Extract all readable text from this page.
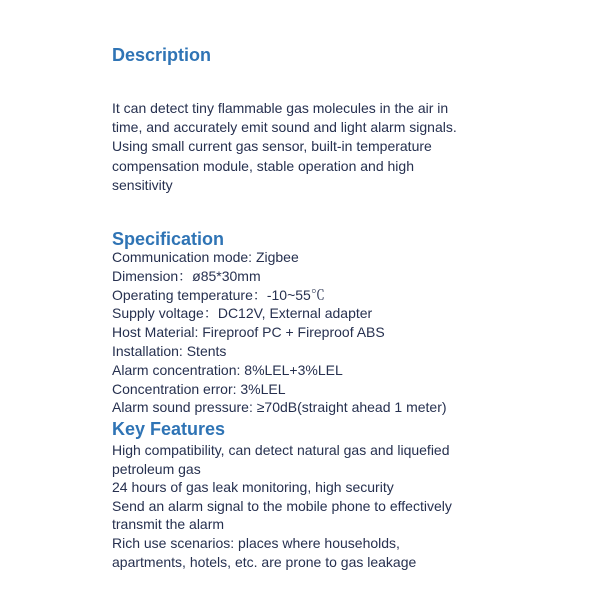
Description

It can detect tiny flammable gas molecules in the air in

time, and accurately emit sound and light alarm signals.

Using small current gas sensor, built-in temperature

compensation module, stable operation and high

sensitivity

Specification
Communication mode: Zigbee
Dimension：ø85*30mm
Operating temperature：-10~55℃
Supply voltage：DC12V, External adapter
Host Material: Fireproof PC + Fireproof ABS
Installation: Stents
Alarm concentration: 8%LEL+3%LEL
Concentration error: 3%LEL
Alarm sound pressure: ≥70dB(straight ahead 1 meter)
Key Features

High compatibility, can detect natural gas and liquefied

petroleum gas

24 hours of gas leak monitoring, high security

Send an alarm signal to the mobile phone to effectively

transmit the alarm

Rich use scenarios: places where households,

apartments, hotels, etc. are prone to gas leakage
